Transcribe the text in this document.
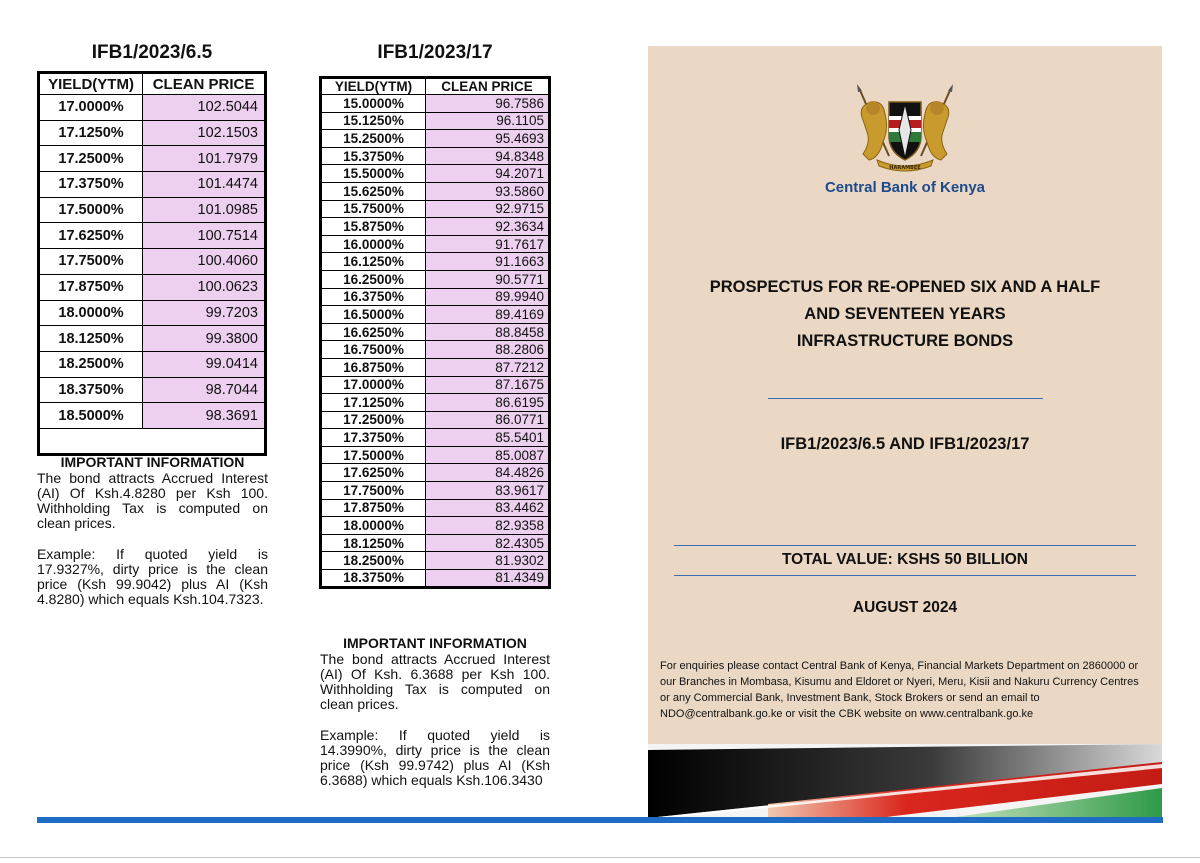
IFB1/2023/6.5
YIELD(YTM)	CLEAN PRICE
17.0000%	102.5044
17.1250%	102.1503
17.2500%	101.7979
17.3750%	101.4474
17.5000%	101.0985
17.6250%	100.7514
17.7500%	100.4060
17.8750%	100.0623
18.0000%	99.7203
18.1250%	99.3800
18.2500%	99.0414
18.3750%	98.7044
18.5000%	98.3691

IMPORTANT INFORMATION

The bond attracts Accrued Interest (AI) Of Ksh.4.8280 per Ksh 100. Withholding Tax is computed on clean prices.

Example: If quoted yield is 17.9327%, dirty price is the clean price (Ksh 99.9042) plus AI (Ksh 4.8280) which equals Ksh.104.7323.

IFB1/2023/17
YIELD(YTM)	CLEAN PRICE
15.0000%	96.7586
15.1250%	96.1105
15.2500%	95.4693
15.3750%	94.8348
15.5000%	94.2071
15.6250%	93.5860
15.7500%	92.9715
15.8750%	92.3634
16.0000%	91.7617
16.1250%	91.1663
16.2500%	90.5771
16.3750%	89.9940
16.5000%	89.4169
16.6250%	88.8458
16.7500%	88.2806
16.8750%	87.7212
17.0000%	87.1675
17.1250%	86.6195
17.2500%	86.0771
17.3750%	85.5401
17.5000%	85.0087
17.6250%	84.4826
17.7500%	83.9617
17.8750%	83.4462
18.0000%	82.9358
18.1250%	82.4305
18.2500%	81.9302
18.3750%	81.4349
IMPORTANT INFORMATION

The bond attracts Accrued Interest (AI) Of Ksh. 6.3688 per Ksh 100. Withholding Tax is computed on clean prices.

Example: If quoted yield is 14.3990%, dirty price is the clean price (Ksh 99.9742) plus AI (Ksh 6.3688) which equals Ksh.106.3430

HARAMBEE
Central Bank of Kenya
PROSPECTUS FOR RE-OPENED SIX AND A HALF
AND SEVENTEEN YEARS
INFRASTRUCTURE BONDS
IFB1/2023/6.5 AND IFB1/2023/17
TOTAL VALUE: KSHS 50 BILLION
AUGUST 2024
For enquiries please contact Central Bank of Kenya, Financial Markets Department on 2860000 or our Branches in Mombasa, Kisumu and Eldoret or Nyeri, Meru, Kisii and Nakuru Currency Centres or any Commercial Bank, Investment Bank, Stock Brokers or send an email to NDO@centralbank.go.ke or visit the CBK website on www.centralbank.go.ke
